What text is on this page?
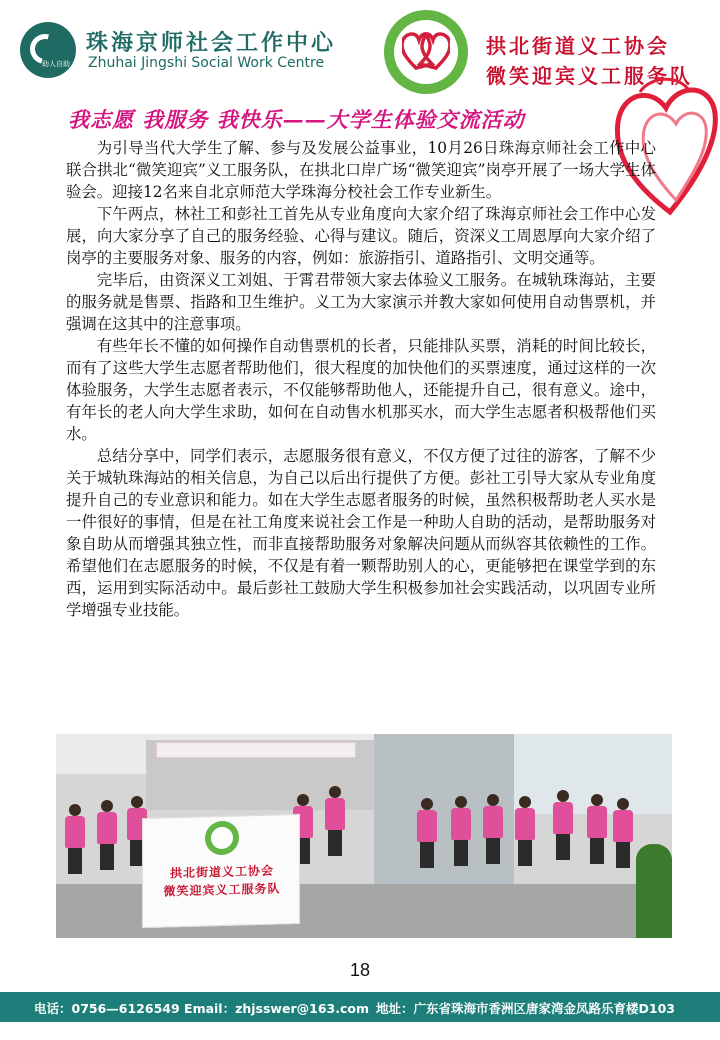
助人自助
珠海京师社会工作中心
Zhuhai Jingshi Social Work Centre
XZYF
拱北街道义工协会
微笑迎宾义工服务队
我志愿 我服务 我快乐——大学生体验交流活动

为引导当代大学生了解、参与及发展公益事业，10月26日珠海京师社会工作中心联合拱北“微笑迎宾”义工服务队，在拱北口岸广场“微笑迎宾”岗亭开展了一场大学生体验会。迎接12名来自北京师范大学珠海分校社会工作专业新生。

下午两点，林社工和彭社工首先从专业角度向大家介绍了珠海京师社会工作中心发展，向大家分享了自己的服务经验、心得与建议。随后，资深义工周恩厚向大家介绍了岗亭的主要服务对象、服务的内容，例如：旅游指引、道路指引、文明交通等。

完毕后，由资深义工刘姐、于霄君带领大家去体验义工服务。在城轨珠海站，主要的服务就是售票、指路和卫生维护。义工为大家演示并教大家如何使用自动售票机，并强调在这其中的注意事项。

有些年长不懂的如何操作自动售票机的长者，只能排队买票，消耗的时间比较长，而有了这些大学生志愿者帮助他们，很大程度的加快他们的买票速度，通过这样的一次体验服务，大学生志愿者表示，不仅能够帮助他人，还能提升自己，很有意义。途中，有年长的老人向大学生求助，如何在自动售水机那买水，而大学生志愿者积极帮他们买水。

总结分享中，同学们表示，志愿服务很有意义，不仅方便了过往的游客，了解不少关于城轨珠海站的相关信息，为自己以后出行提供了方便。彭社工引导大家从专业角度提升自己的专业意识和能力。如在大学生志愿者服务的时候，虽然积极帮助老人买水是一件很好的事情，但是在社工角度来说社会工作是一种助人自助的活动，是帮助服务对象自助从而增强其独立性，而非直接帮助服务对象解决问题从而纵容其依赖性的工作。希望他们在志愿服务的时候，不仅是有着一颗帮助别人的心，更能够把在课堂学到的东西，运用到实际活动中。最后彭社工鼓励大学生积极参加社会实践活动，以巩固专业所学增强专业技能。

拱北街道义工协会
微笑迎宾义工服务队
18
电话：0756—6126549 Email：zhjsswer@163.com 地址：广东省珠海市香洲区唐家湾金凤路乐育楼D103
